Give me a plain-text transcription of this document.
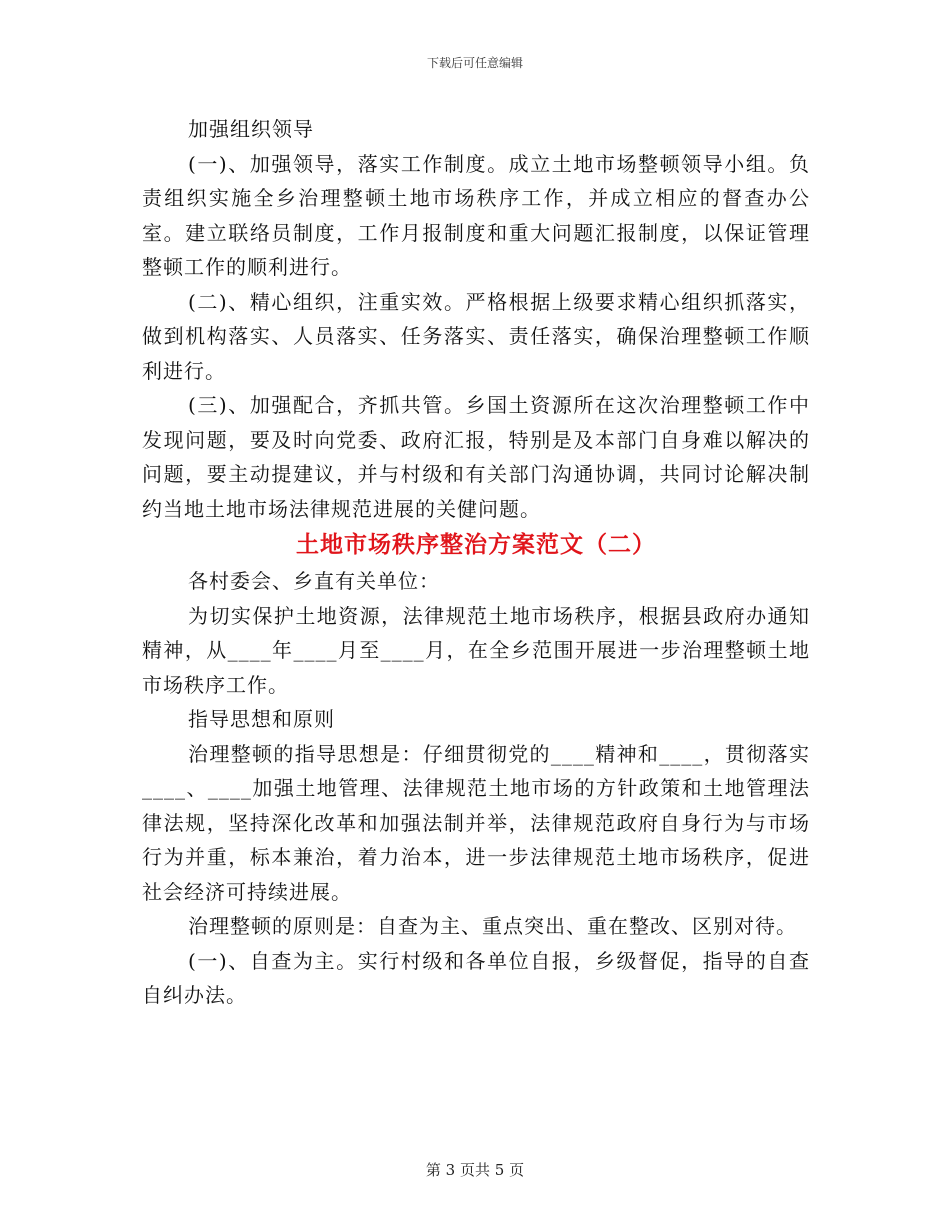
下载后可任意编辑

加强组织领导

(一)、加强领导，落实工作制度。成立土地市场整顿领导小组。负责组织实施全乡治理整顿土地市场秩序工作，并成立相应的督查办公室。建立联络员制度，工作月报制度和重大问题汇报制度，以保证管理整顿工作的顺利进行。

(二)、精心组织，注重实效。严格根据上级要求精心组织抓落实，做到机构落实、人员落实、任务落实、责任落实，确保治理整顿工作顺利进行。

(三)、加强配合，齐抓共管。乡国土资源所在这次治理整顿工作中发现问题，要及时向党委、政府汇报，特别是及本部门自身难以解决的问题，要主动提建议，并与村级和有关部门沟通协调，共同讨论解决制约当地土地市场法律规范进展的关健问题。

土地市场秩序整治方案范文（二）

各村委会、乡直有关单位：

为切实保护土地资源，法律规范土地市场秩序，根据县政府办通知精神，从____年____月至____月，在全乡范围开展进一步治理整顿土地市场秩序工作。

指导思想和原则

治理整顿的指导思想是：仔细贯彻党的____精神和____，贯彻落实____、____加强土地管理、法律规范土地市场的方针政策和土地管理法律法规，坚持深化改革和加强法制并举，法律规范政府自身行为与市场行为并重，标本兼治，着力治本，进一步法律规范土地市场秩序，促进社会经济可持续进展。

治理整顿的原则是：自查为主、重点突出、重在整改、区别对待。

(一)、自查为主。实行村级和各单位自报，乡级督促，指导的自查自纠办法。

第 3 页共 5 页
